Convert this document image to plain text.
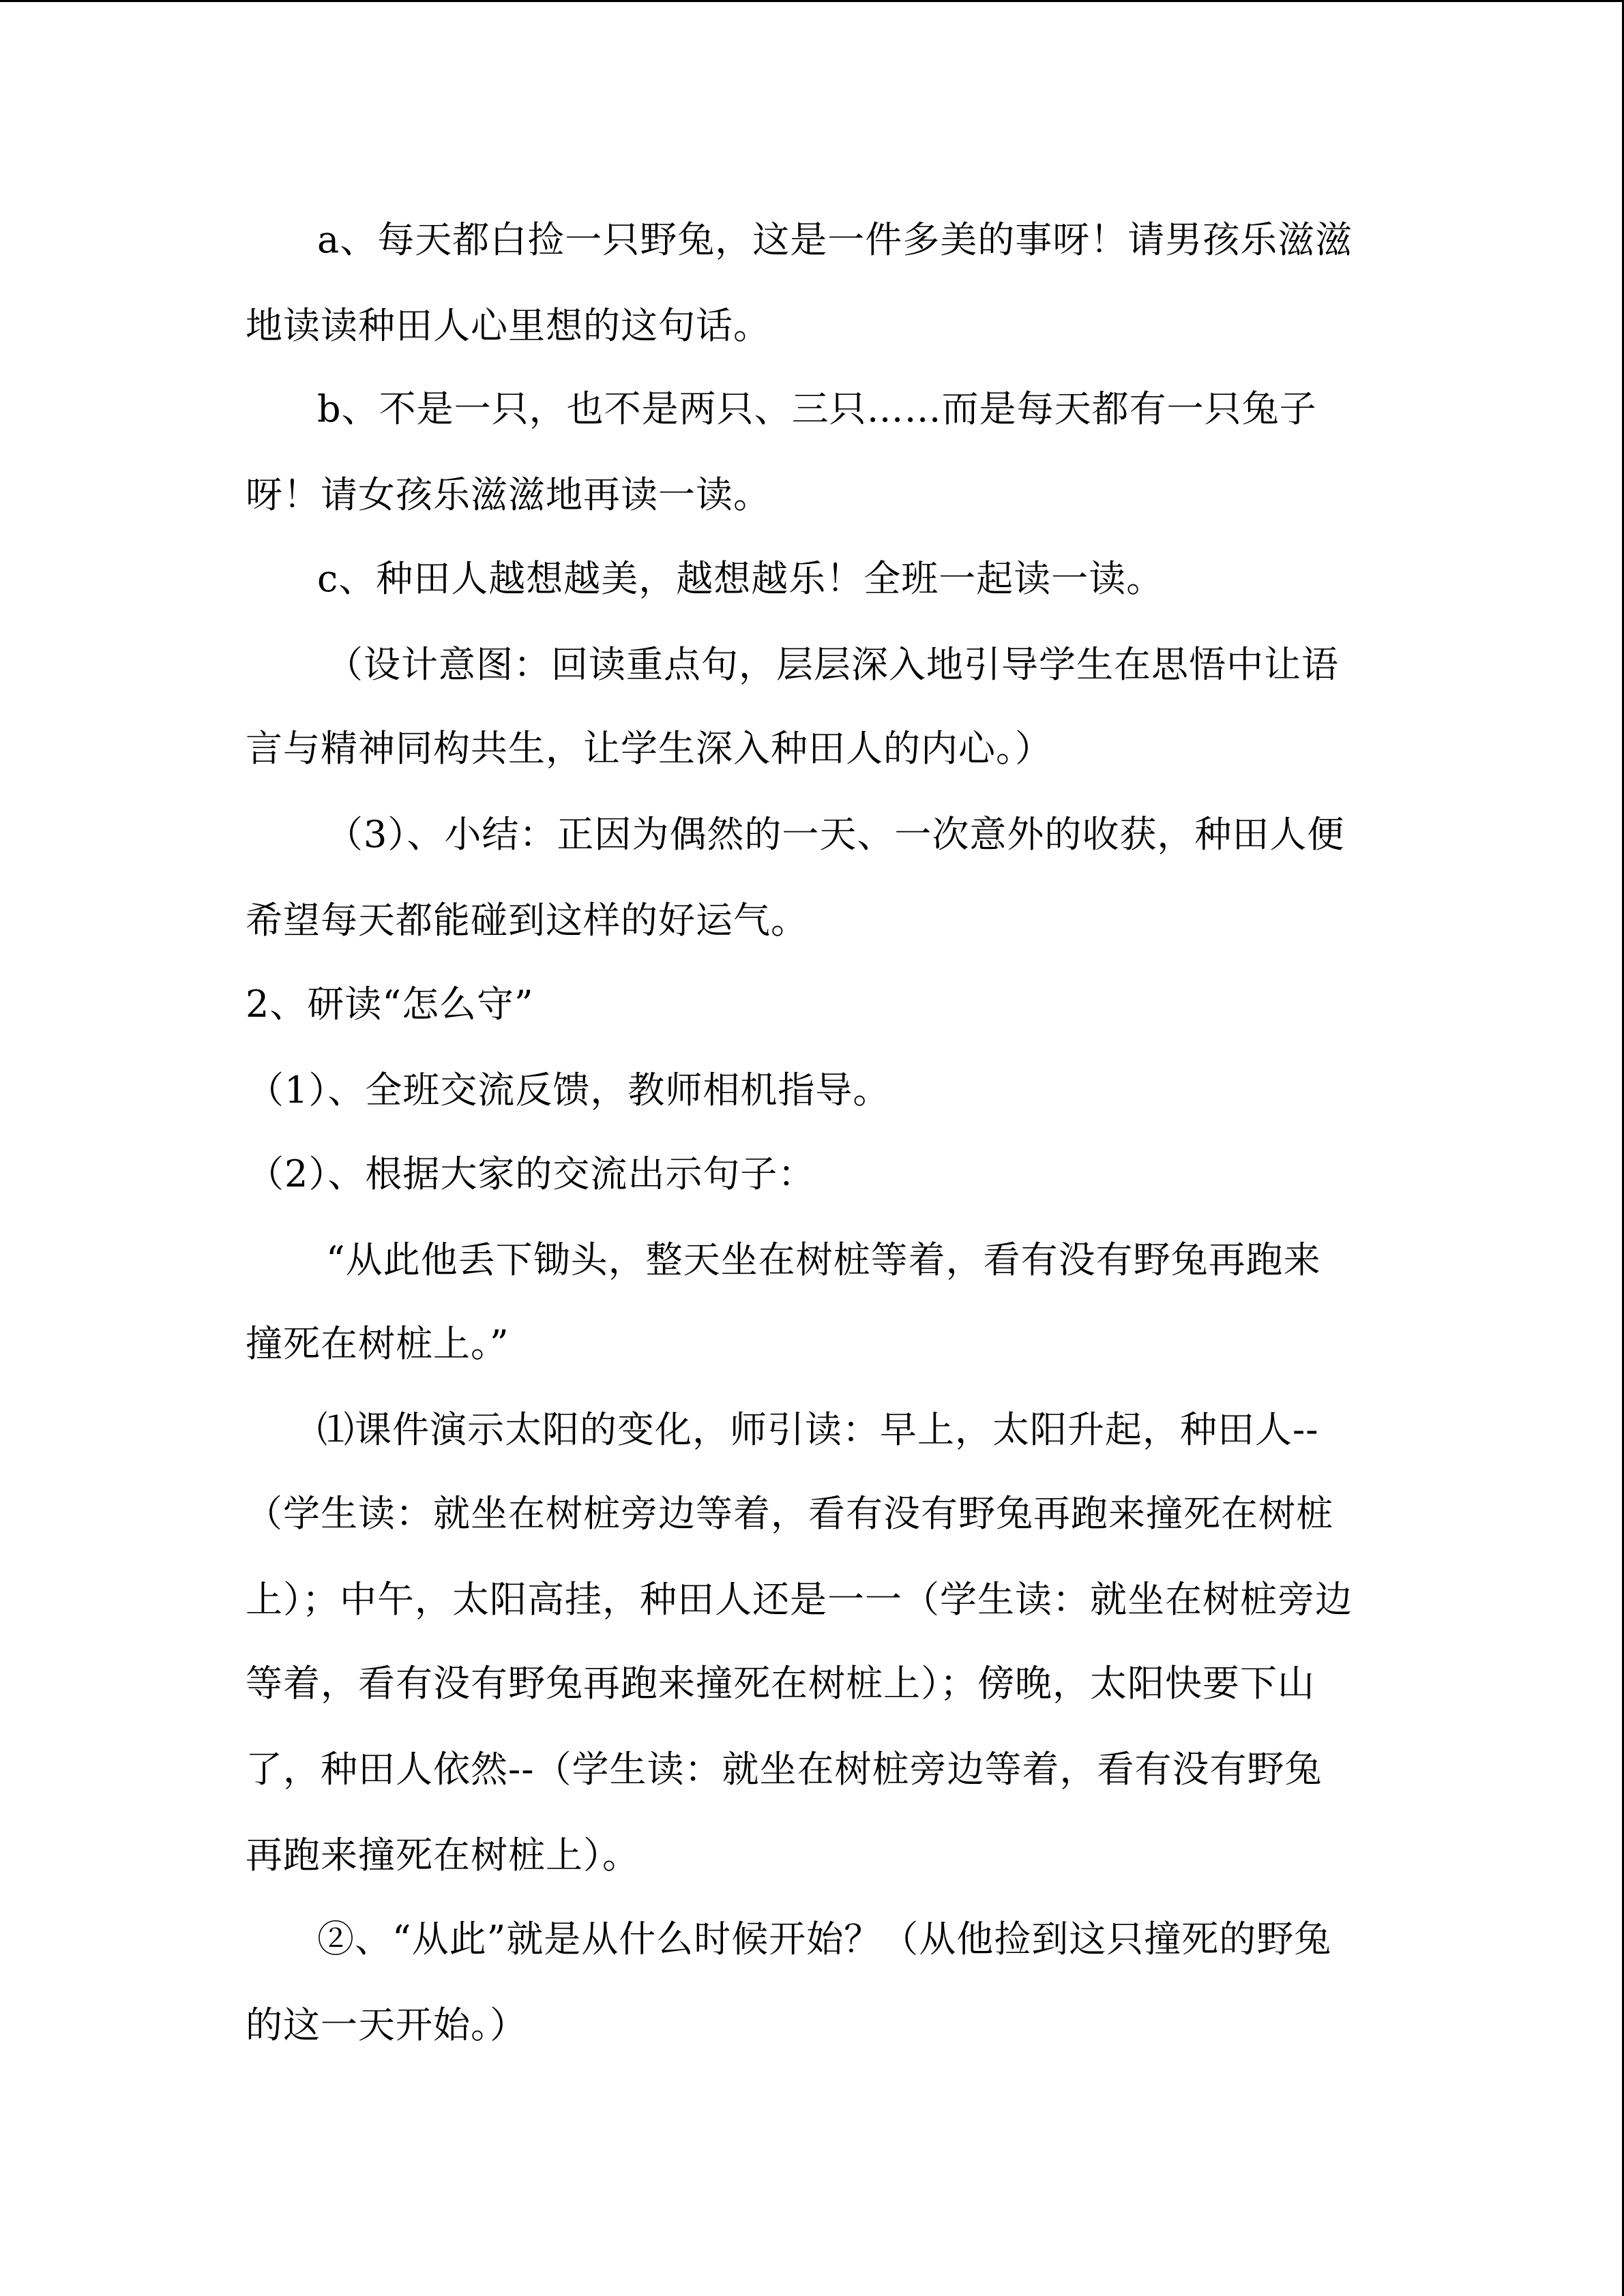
a、每天都白捡一只野兔，这是一件多美的事呀！请男孩乐滋滋
地读读种田人心里想的这句话。
b、不是一只，也不是两只、三只……而是每天都有一只兔子
呀！请女孩乐滋滋地再读一读。
c、种田人越想越美，越想越乐！全班一起读一读。
（设计意图：回读重点句，层层深入地引导学生在思悟中让语
言与精神同构共生，让学生深入种田人的内心。）
（3）、小结：正因为偶然的一天、一次意外的收获，种田人便
希望每天都能碰到这样的好运气。
2、研读“怎么守”
（1）、全班交流反馈，教师相机指导。
（2）、根据大家的交流出示句子：
“从此他丢下锄头，整天坐在树桩等着，看有没有野兔再跑来
撞死在树桩上。”
⑴课件演示太阳的变化，师引读：早上，太阳升起，种田人--
（学生读：就坐在树桩旁边等着，看有没有野兔再跑来撞死在树桩
上）；中午，太阳高挂，种田人还是一一（学生读：就坐在树桩旁边
等着，看有没有野兔再跑来撞死在树桩上）；傍晚，太阳快要下山
了，种田人依然--（学生读：就坐在树桩旁边等着，看有没有野兔
再跑来撞死在树桩上）。
②、“从此”就是从什么时候开始？（从他捡到这只撞死的野兔
的这一天开始。）
